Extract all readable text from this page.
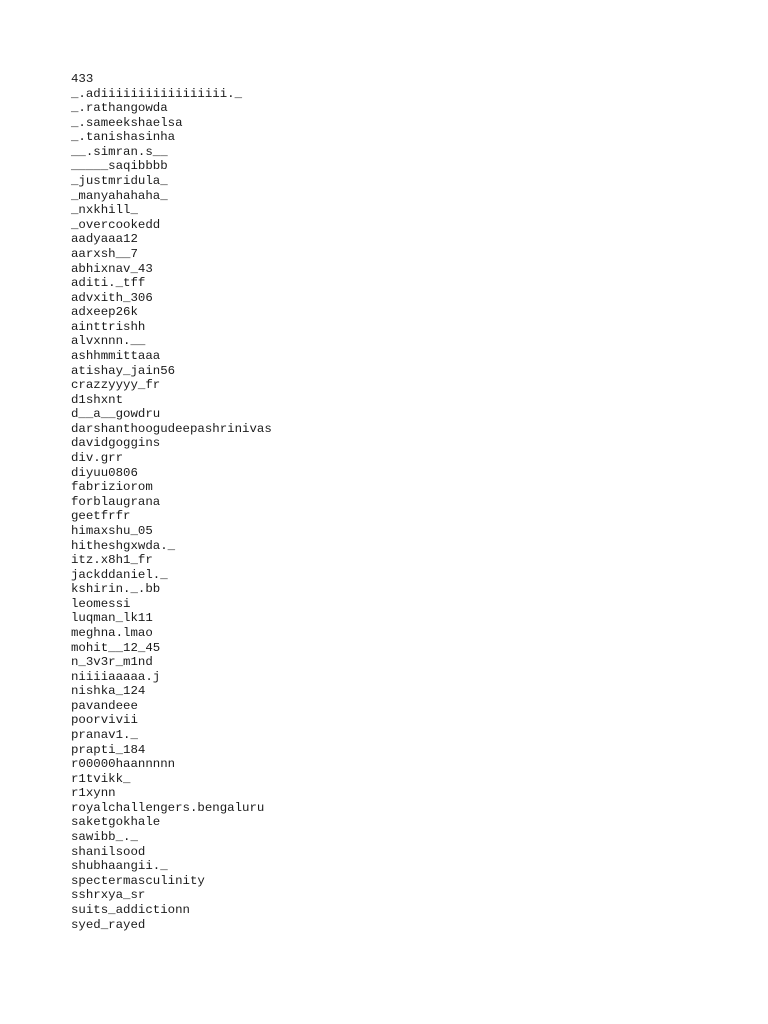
433
_.adiiiiiiiiiiiiiiiii._
_.rathangowda
_.sameekshaelsa
_.tanishasinha
__.simran.s__
_____saqibbbb
_justmridula_
_manyahahaha_
_nxkhill_
_overcookedd
aadyaaa12
aarxsh__7
abhixnav_43
aditi._tff
advxith_306
adxeep26k
ainttrishh
alvxnnn.__
ashhmmittaaa
atishay_jain56
crazzyyyy_fr
d1shxnt
d__a__gowdru
darshanthoogudeepashrinivas
davidgoggins
div.grr
diyuu0806
fabriziorom
forblaugrana
geetfrfr
himaxshu_05
hitheshgxwda._
itz.x8h1_fr
jackddaniel._
kshirin._.bb
leomessi
luqman_lk11
meghna.lmao
mohit__12_45
n_3v3r_m1nd
niiiiaaaaa.j
nishka_124
pavandeee
poorvivii
pranav1._
prapti_184
r00000haannnnn
r1tvikk_
r1xynn
royalchallengers.bengaluru
saketgokhale
sawibb_._
shanilsood
shubhaangii._
spectermasculinity
sshrxya_sr
suits_addictionn
syed_rayed
